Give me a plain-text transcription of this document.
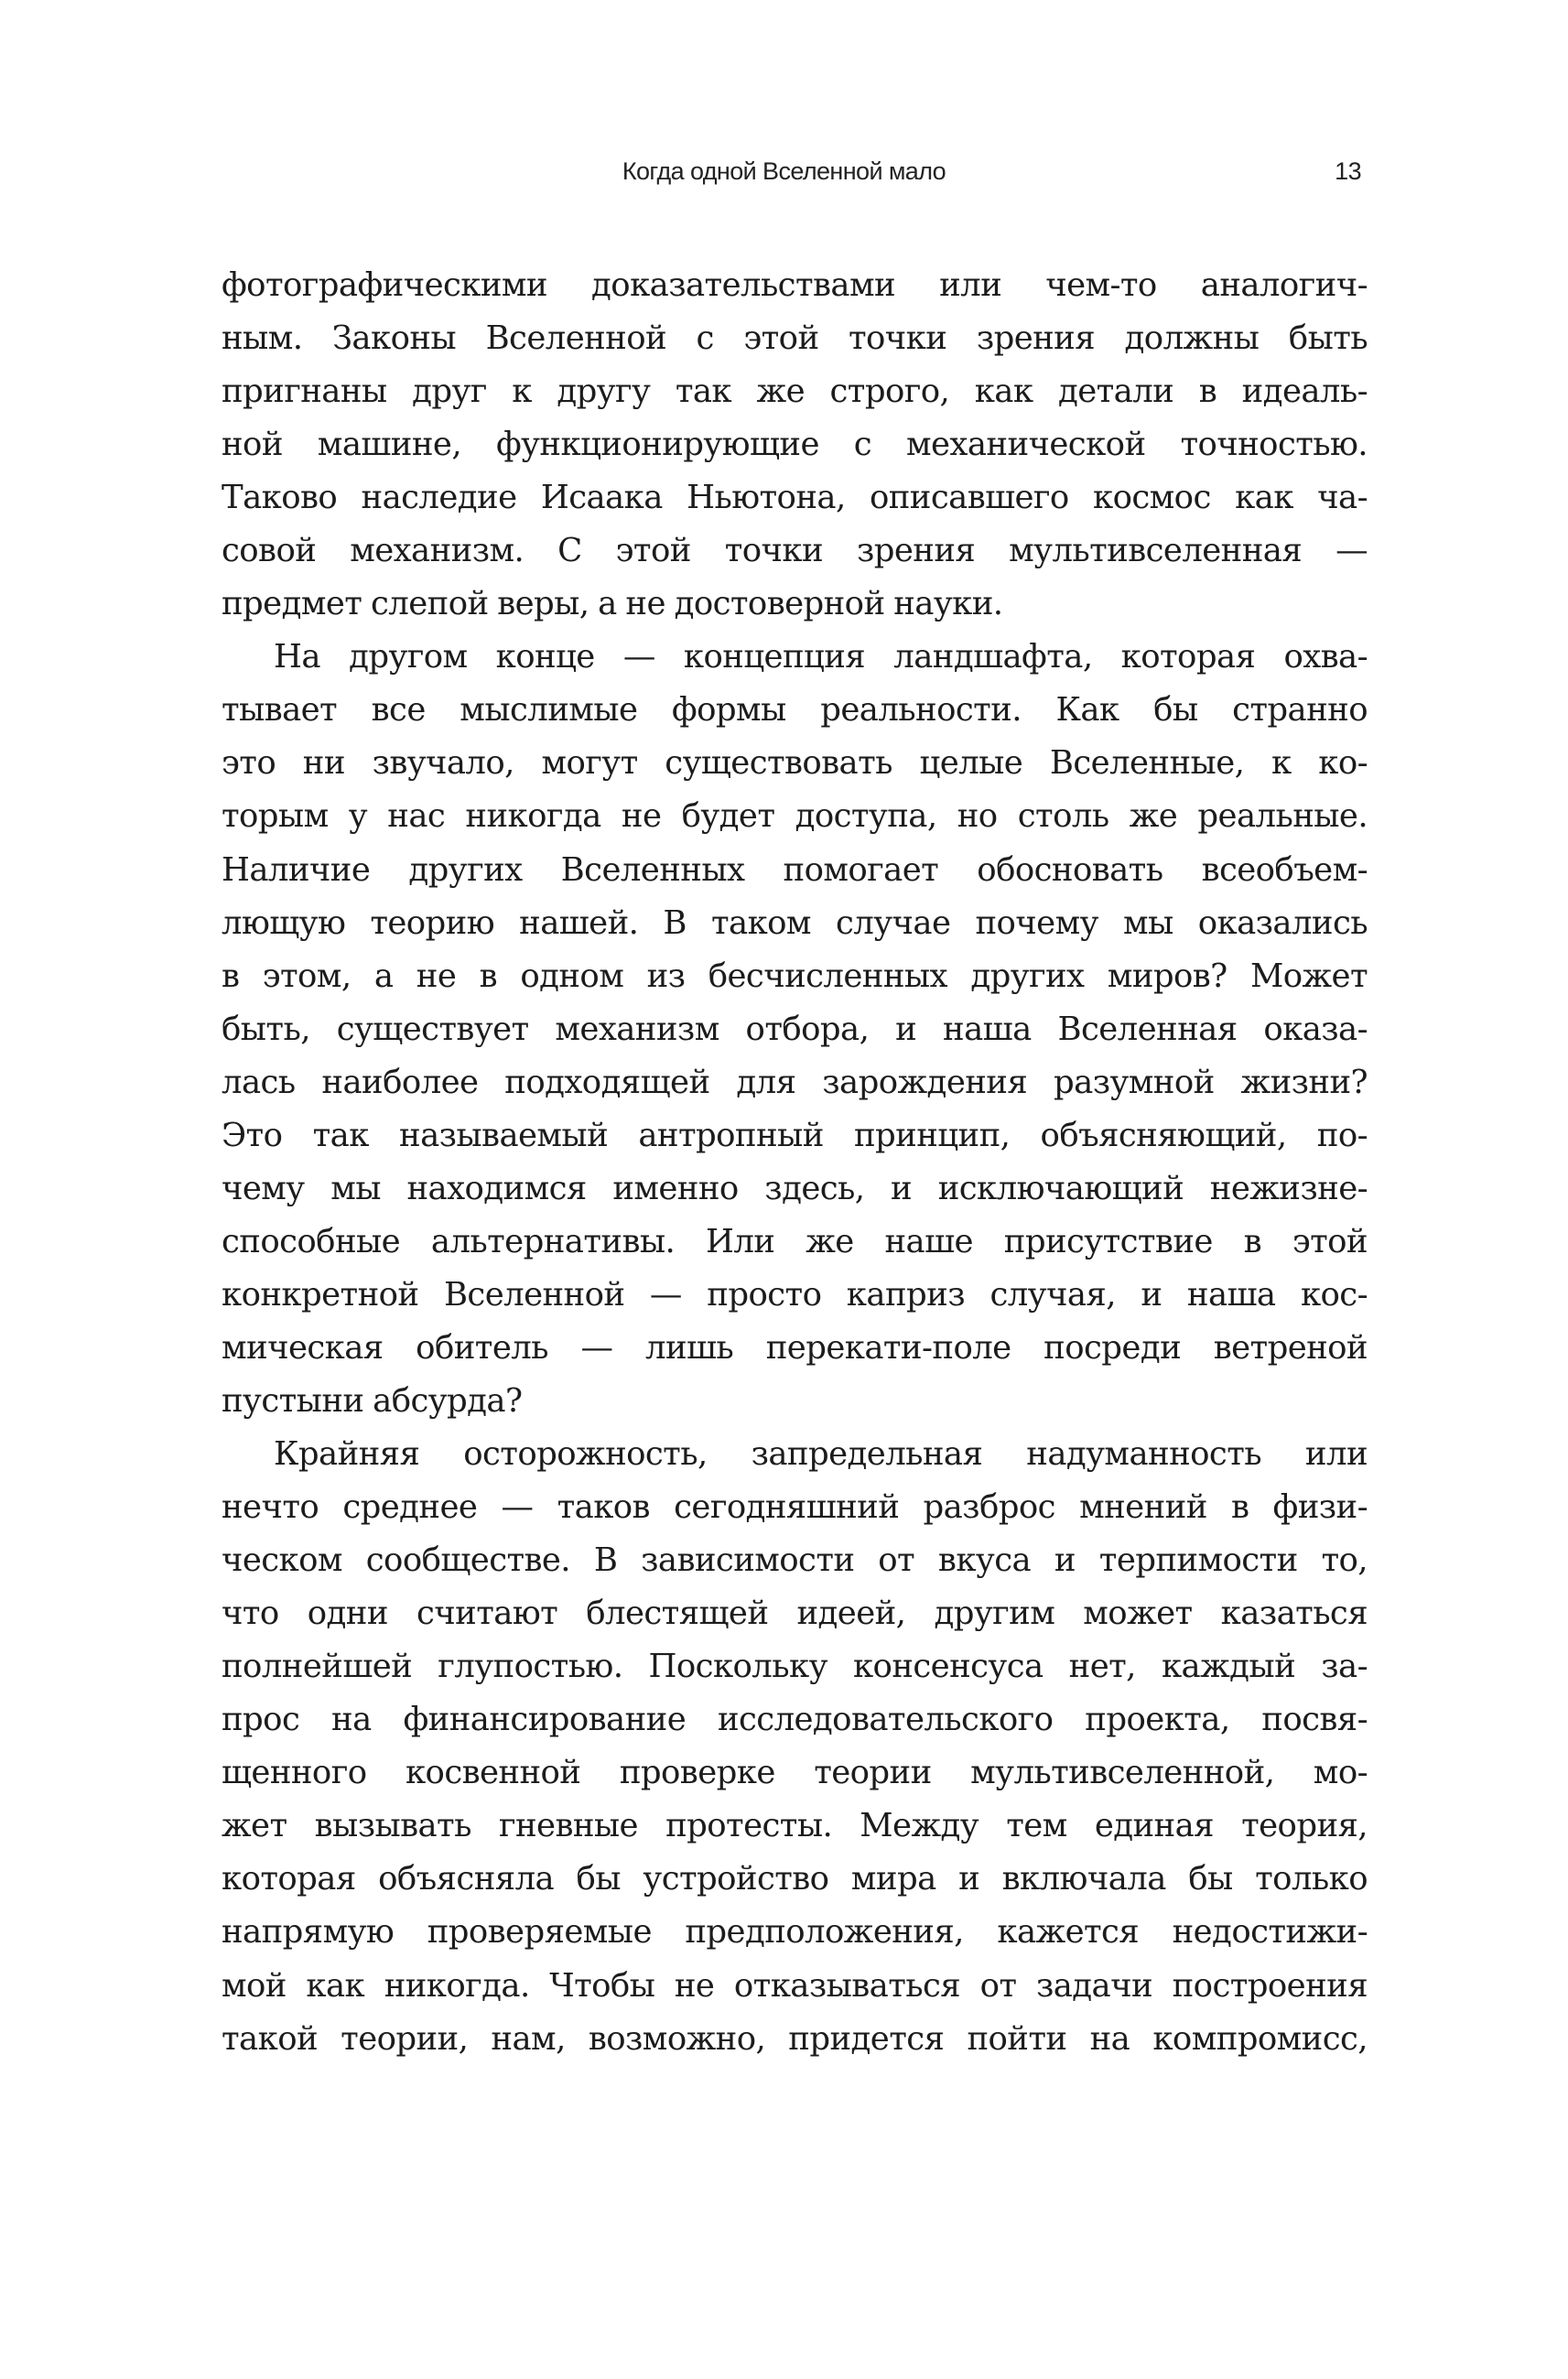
Когда одной Вселенной мало	13
фотографическими доказательствами или чем-то аналогич-
ным. Законы Вселенной с этой точки зрения должны быть
пригнаны друг к другу так же строго, как детали в идеаль-
ной машине, функционирующие с механической точностью.
Таково наследие Исаака Ньютона, описавшего космос как ча-
совой механизм. С этой точки зрения мультивселенная —
предмет слепой веры, а не достоверной науки.
На другом конце — концепция ландшафта, которая охва-
тывает все мыслимые формы реальности. Как бы странно
это ни звучало, могут существовать целые Вселенные, к ко-
торым у нас никогда не будет доступа, но столь же реальные.
Наличие других Вселенных помогает обосновать всеобъем-
лющую теорию нашей. В таком случае почему мы оказались
в этом, а не в одном из бесчисленных других миров? Может
быть, существует механизм отбора, и наша Вселенная оказа-
лась наиболее подходящей для зарождения разумной жизни?
Это так называемый антропный принцип, объясняющий, по-
чему мы находимся именно здесь, и исключающий нежизне-
способные альтернативы. Или же наше присутствие в этой
конкретной Вселенной — просто каприз случая, и наша кос-
мическая обитель — лишь перекати-поле посреди ветреной
пустыни абсурда?
Крайняя осторожность, запредельная надуманность или
нечто среднее — таков сегодняшний разброс мнений в физи-
ческом сообществе. В зависимости от вкуса и терпимости то,
что одни считают блестящей идеей, другим может казаться
полнейшей глупостью. Поскольку консенсуса нет, каждый за-
прос на финансирование исследовательского проекта, посвя-
щенного косвенной проверке теории мультивселенной, мо-
жет вызывать гневные протесты. Между тем единая теория,
которая объясняла бы устройство мира и включала бы только
напрямую проверяемые предположения, кажется недостижи-
мой как никогда. Чтобы не отказываться от задачи построения
такой теории, нам, возможно, придется пойти на компромисс,
